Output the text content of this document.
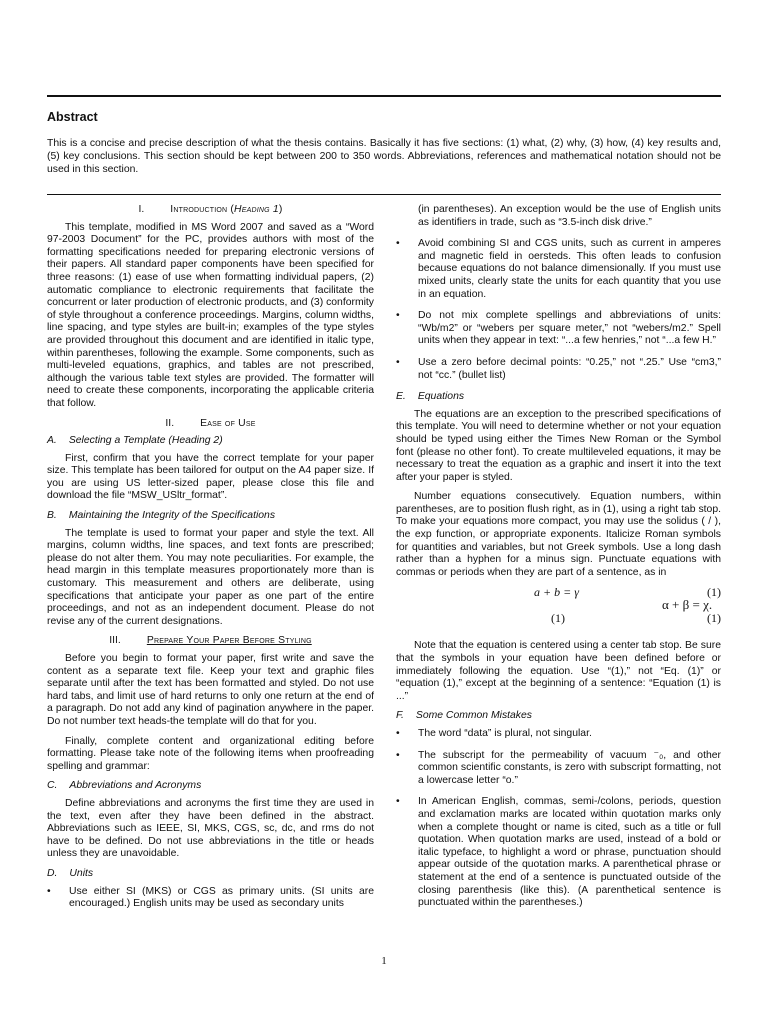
Abstract

This is a concise and precise description of what the thesis contains. Basically it has five sections: (1) what, (2) why, (3) how, (4) key results and, (5) key conclusions. This section should be kept between 200 to 350 words. Abbreviations, references and mathematical notation should not be used in this section.

I.	Introduction (Heading 1)

This template, modified in MS Word 2007 and saved as a “Word 97-2003 Document” for the PC, provides authors with most of the formatting specifications needed for preparing electronic versions of their papers. All standard paper components have been specified for three reasons: (1) ease of use when formatting individual papers, (2) automatic compliance to electronic requirements that facilitate the concurrent or later production of electronic products, and (3) conformity of style throughout a conference proceedings. Margins, column widths, line spacing, and type styles are built-in; examples of the type styles are provided throughout this document and are identified in italic type, within parentheses, following the example. Some components, such as multi-leveled equations, graphics, and tables are not prescribed, although the various table text styles are provided. The formatter will need to create these components, incorporating the applicable criteria that follow.

II.	Ease of Use
A. Selecting a Template (Heading 2)

First, confirm that you have the correct template for your paper size. This template has been tailored for output on the A4 paper size. If you are using US letter-sized paper, please close this file and download the file “MSW_USltr_format”.

B. Maintaining the Integrity of the Specifications

The template is used to format your paper and style the text. All margins, column widths, line spaces, and text fonts are prescribed; please do not alter them. You may note peculiarities. For example, the head margin in this template measures proportionately more than is customary. This measurement and others are deliberate, using specifications that anticipate your paper as one part of the entire proceedings, and not as an independent document. Please do not revise any of the current designations.

III.	Prepare Your Paper Before Styling

Before you begin to format your paper, first write and save the content as a separate text file. Keep your text and graphic files separate until after the text has been formatted and styled. Do not use hard tabs, and limit use of hard returns to only one return at the end of a paragraph. Do not add any kind of pagination anywhere in the paper. Do not number text heads-the template will do that for you.

Finally, complete content and organizational editing before formatting. Please take note of the following items when proofreading spelling and grammar:

C. Abbreviations and Acronyms

Define abbreviations and acronyms the first time they are used in the text, even after they have been defined in the abstract. Abbreviations such as IEEE, SI, MKS, CGS, sc, dc, and rms do not have to be defined. Do not use abbreviations in the title or heads unless they are unavoidable.

D. Units
•	Use either SI (MKS) or CGS as primary units. (SI units are encouraged.) English units may be used as secondary units
(in parentheses). An exception would be the use of English units as identifiers in trade, such as “3.5-inch disk drive.”
•	Avoid combining SI and CGS units, such as current in amperes and magnetic field in oersteds. This often leads to confusion because equations do not balance dimensionally. If you must use mixed units, clearly state the units for each quantity that you use in an equation.
•	Do not mix complete spellings and abbreviations of units: “Wb/m2” or “webers per square meter,” not “webers/m2.” Spell units when they appear in text: “...a few henries,” not “...a few H.”
•	Use a zero before decimal points: “0.25,” not “.25.” Use “cm3,” not “cc.” (bullet list)
E. Equations

The equations are an exception to the prescribed specifications of this template. You will need to determine whether or not your equation should be typed using either the Times New Roman or the Symbol font (please no other font). To create multileveled equations, it may be necessary to treat the equation as a graphic and insert it into the text after your paper is styled.

Number equations consecutively. Equation numbers, within parentheses, are to position flush right, as in (1), using a right tab stop. To make your equations more compact, you may use the solidus ( / ), the exp function, or appropriate exponents. Italicize Roman symbols for quantities and variables, but not Greek symbols. Use a long dash rather than a hyphen for a minus sign. Punctuate equations with commas or periods when they are part of a sentence, as in

a + b = γ	(1)
α + β = χ.
(1)	(1)

Note that the equation is centered using a center tab stop. Be sure that the symbols in your equation have been defined before or immediately following the equation. Use “(1),” not “Eq. (1)” or “equation (1),” except at the beginning of a sentence: “Equation (1) is ...”

F. Some Common Mistakes
•	The word “data” is plural, not singular.
•	The subscript for the permeability of vacuum ⁻₀, and other common scientific constants, is zero with subscript formatting, not a lowercase letter “o.”
•	In American English, commas, semi-/colons, periods, question and exclamation marks are located within quotation marks only when a complete thought or name is cited, such as a title or full quotation. When quotation marks are used, instead of a bold or italic typeface, to highlight a word or phrase, punctuation should appear outside of the quotation marks. A parenthetical phrase or statement at the end of a sentence is punctuated outside of the closing parenthesis (like this). (A parenthetical sentence is punctuated within the parentheses.)
1
